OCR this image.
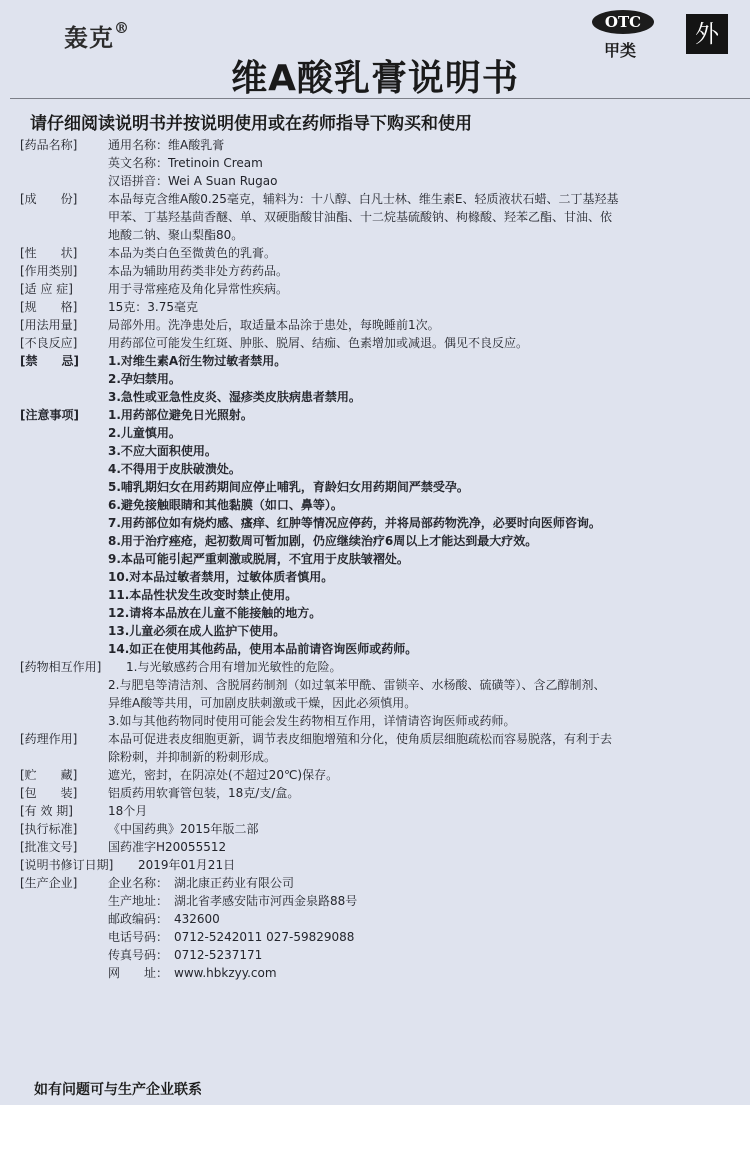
轰克®	OTC
甲类
外
维A酸乳膏说明书
请仔细阅读说明书并按说明使用或在药师指导下购买和使用
[药品名称]	通用名称：维A酸乳膏
英文名称：Tretinoin Cream
汉语拼音：Wei A Suan Rugao
[成　　份]	本品每克含维A酸0.25毫克，辅料为：十八醇、白凡士林、维生素E、轻质液状石蜡、二丁基羟基
甲苯、丁基羟基茴香醚、单、双硬脂酸甘油酯、十二烷基硫酸钠、枸橼酸、羟苯乙酯、甘油、依
地酸二钠、聚山梨酯80。
[性　　状]	本品为类白色至微黄色的乳膏。
[作用类别]	本品为辅助用药类非处方药药品。
[适 应 症]	用于寻常痤疮及角化异常性疾病。
[规　　格]	15克：3.75毫克
[用法用量]	局部外用。洗净患处后，取适量本品涂于患处，每晚睡前1次。
[不良反应]	用药部位可能发生红斑、肿胀、脱屑、结痂、色素增加或减退。偶见不良反应。
[禁　　忌]	1.对维生素A衍生物过敏者禁用。
2.孕妇禁用。
3.急性或亚急性皮炎、湿疹类皮肤病患者禁用。
[注意事项]	1.用药部位避免日光照射。
2.儿童慎用。
3.不应大面积使用。
4.不得用于皮肤破溃处。
5.哺乳期妇女在用药期间应停止哺乳，育龄妇女用药期间严禁受孕。
6.避免接触眼睛和其他黏膜（如口、鼻等）。
7.用药部位如有烧灼感、瘙痒、红肿等情况应停药，并将局部药物洗净，必要时向医师咨询。
8.用于治疗痤疮，起初数周可暂加剧，仍应继续治疗6周以上才能达到最大疗效。
9.本品可能引起严重刺激或脱屑，不宜用于皮肤皱褶处。
10.对本品过敏者禁用，过敏体质者慎用。
11.本品性状发生改变时禁止使用。
12.请将本品放在儿童不能接触的地方。
13.儿童必须在成人监护下使用。
14.如正在使用其他药品，使用本品前请咨询医师或药师。
[药物相互作用]	1.与光敏感药合用有增加光敏性的危险。
2.与肥皂等清洁剂、含脱屑药制剂（如过氧苯甲酰、雷锁辛、水杨酸、硫磺等）、含乙醇制剂、
异维A酸等共用，可加剧皮肤刺激或干燥，因此必须慎用。
3.如与其他药物同时使用可能会发生药物相互作用，详情请咨询医师或药师。
[药理作用]	本品可促进表皮细胞更新，调节表皮细胞增殖和分化，使角质层细胞疏松而容易脱落，有利于去
除粉刺，并抑制新的粉刺形成。
[贮　　藏]	遮光，密封，在阴凉处(不超过20℃)保存。
[包　　装]	铝质药用软膏管包装，18克/支/盒。
[有 效 期]	18个月
[执行标准]	《中国药典》2015年版二部
[批准文号]	国药准字H20055512
[说明书修订日期]	2019年01月21日
[生产企业]	企业名称：　湖北康正药业有限公司
生产地址：　湖北省孝感安陆市河西金泉路88号
邮政编码：　432600
电话号码：　0712-5242011 027-59829088
传真号码：　0712-5237171
网　　址：　www.hbkzyy.com
如有问题可与生产企业联系
